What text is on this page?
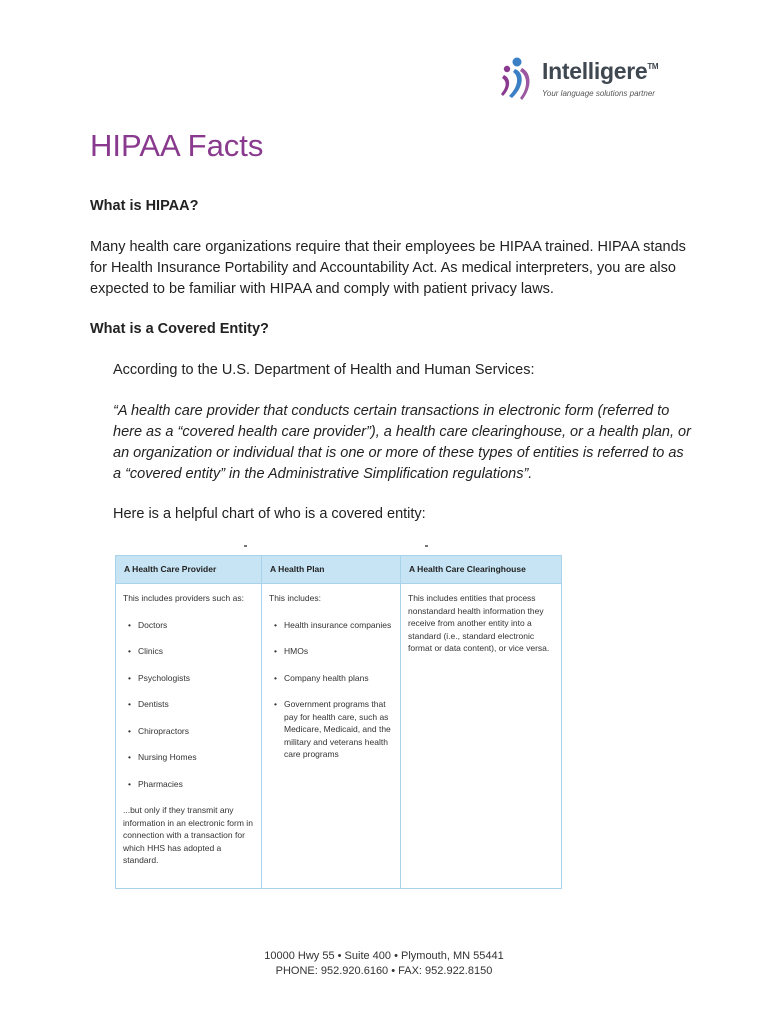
Intelligere™
Your language solutions partner
HIPAA Facts

What is HIPAA?

Many health care organizations require that their employees be HIPAA trained. HIPAA stands for Health Insurance Portability and Accountability Act. As medical interpreters, you are also expected to be familiar with HIPAA and comply with patient privacy laws.

What is a Covered Entity?

According to the U.S. Department of Health and Human Services:

“A health care provider that conducts certain transactions in electronic form (referred to here as a “covered health care provider”), a health care clearinghouse, or a health plan, or an organization or individual that is one or more of these types of entities is referred to as a “covered entity” in the Administrative Simplification regulations”.

Here is a helpful chart of who is a covered entity:

A Health Care Provider	A Health Plan	A Health Care Clearinghouse

This includes providers such as:

• Doctors
• Clinics
• Psychologists
• Dentists
• Chiropractors
• Nursing Homes
• Pharmacies

...but only if they transmit any information in an electronic form in connection with a transaction for which HHS has adopted a standard.

This includes:

• Health insurance companies
• HMOs
• Company health plans
• Government programs that pay for health care, such as Medicare, Medicaid, and the military and veterans health care programs

This includes entities that process nonstandard health information they receive from another entity into a standard (i.e., standard electronic format or data content), or vice versa.

10000 Hwy 55 • Suite 400 • Plymouth, MN 55441
PHONE: 952.920.6160 • FAX: 952.922.8150
